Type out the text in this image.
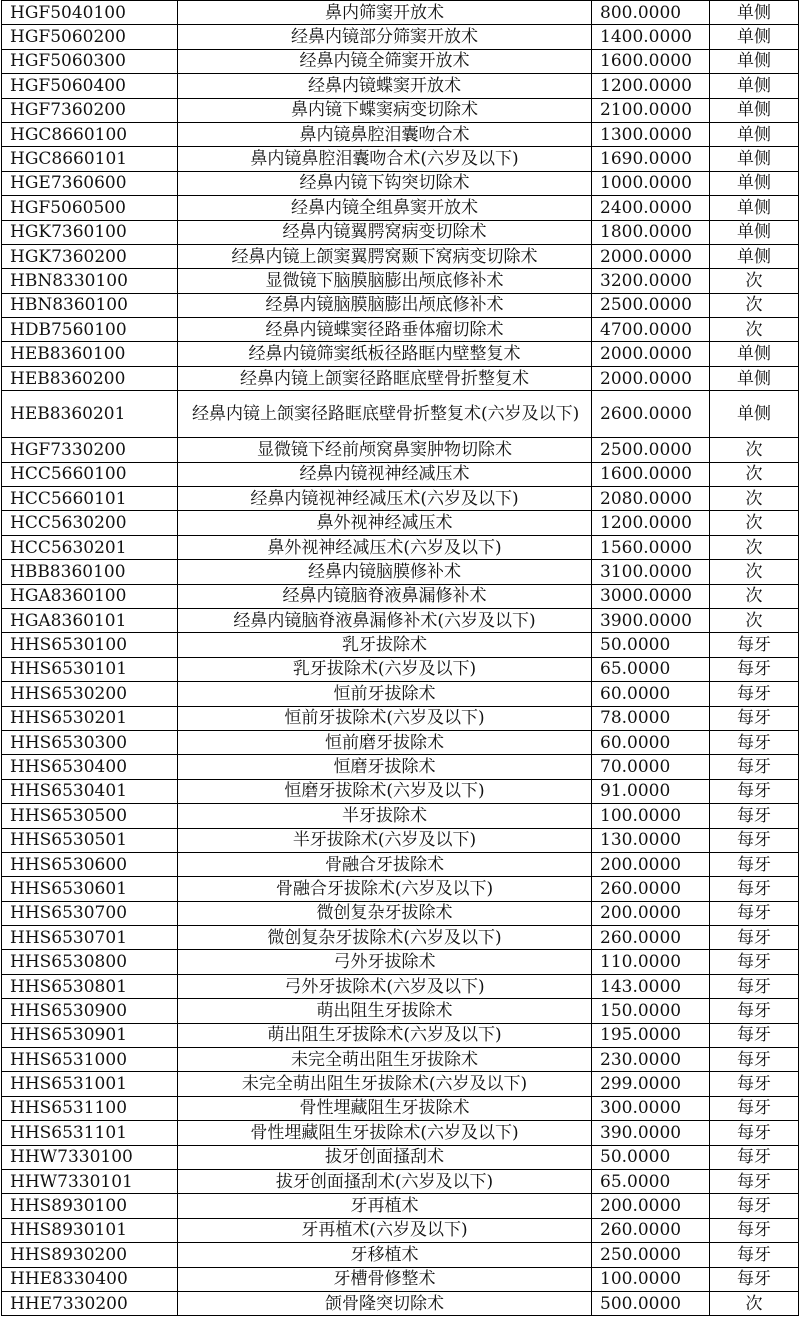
HGF5040100	鼻内筛窦开放术	800.0000	单侧
HGF5060200	经鼻内镜部分筛窦开放术	1400.0000	单侧
HGF5060300	经鼻内镜全筛窦开放术	1600.0000	单侧
HGF5060400	经鼻内镜蝶窦开放术	1200.0000	单侧
HGF7360200	鼻内镜下蝶窦病变切除术	2100.0000	单侧
HGC8660100	鼻内镜鼻腔泪囊吻合术	1300.0000	单侧
HGC8660101	鼻内镜鼻腔泪囊吻合术(六岁及以下)	1690.0000	单侧
HGE7360600	经鼻内镜下钩突切除术	1000.0000	单侧
HGF5060500	经鼻内镜全组鼻窦开放术	2400.0000	单侧
HGK7360100	经鼻内镜翼腭窝病变切除术	1800.0000	单侧
HGK7360200	经鼻内镜上颌窦翼腭窝颞下窝病变切除术	2000.0000	单侧
HBN8330100	显微镜下脑膜脑膨出颅底修补术	3200.0000	次
HBN8360100	经鼻内镜脑膜脑膨出颅底修补术	2500.0000	次
HDB7560100	经鼻内镜蝶窦径路垂体瘤切除术	4700.0000	次
HEB8360100	经鼻内镜筛窦纸板径路眶内壁整复术	2000.0000	单侧
HEB8360200	经鼻内镜上颌窦径路眶底壁骨折整复术	2000.0000	单侧
HEB8360201	经鼻内镜上颌窦径路眶底壁骨折整复术(六岁及以下)	2600.0000	单侧
HGF7330200	显微镜下经前颅窝鼻窦肿物切除术	2500.0000	次
HCC5660100	经鼻内镜视神经减压术	1600.0000	次
HCC5660101	经鼻内镜视神经减压术(六岁及以下)	2080.0000	次
HCC5630200	鼻外视神经减压术	1200.0000	次
HCC5630201	鼻外视神经减压术(六岁及以下)	1560.0000	次
HBB8360100	经鼻内镜脑膜修补术	3100.0000	次
HGA8360100	经鼻内镜脑脊液鼻漏修补术	3000.0000	次
HGA8360101	经鼻内镜脑脊液鼻漏修补术(六岁及以下)	3900.0000	次
HHS6530100	乳牙拔除术	50.0000	每牙
HHS6530101	乳牙拔除术(六岁及以下)	65.0000	每牙
HHS6530200	恒前牙拔除术	60.0000	每牙
HHS6530201	恒前牙拔除术(六岁及以下)	78.0000	每牙
HHS6530300	恒前磨牙拔除术	60.0000	每牙
HHS6530400	恒磨牙拔除术	70.0000	每牙
HHS6530401	恒磨牙拔除术(六岁及以下)	91.0000	每牙
HHS6530500	半牙拔除术	100.0000	每牙
HHS6530501	半牙拔除术(六岁及以下)	130.0000	每牙
HHS6530600	骨融合牙拔除术	200.0000	每牙
HHS6530601	骨融合牙拔除术(六岁及以下)	260.0000	每牙
HHS6530700	微创复杂牙拔除术	200.0000	每牙
HHS6530701	微创复杂牙拔除术(六岁及以下)	260.0000	每牙
HHS6530800	弓外牙拔除术	110.0000	每牙
HHS6530801	弓外牙拔除术(六岁及以下)	143.0000	每牙
HHS6530900	萌出阻生牙拔除术	150.0000	每牙
HHS6530901	萌出阻生牙拔除术(六岁及以下)	195.0000	每牙
HHS6531000	未完全萌出阻生牙拔除术	230.0000	每牙
HHS6531001	未完全萌出阻生牙拔除术(六岁及以下)	299.0000	每牙
HHS6531100	骨性埋藏阻生牙拔除术	300.0000	每牙
HHS6531101	骨性埋藏阻生牙拔除术(六岁及以下)	390.0000	每牙
HHW7330100	拔牙创面搔刮术	50.0000	每牙
HHW7330101	拔牙创面搔刮术(六岁及以下)	65.0000	每牙
HHS8930100	牙再植术	200.0000	每牙
HHS8930101	牙再植术(六岁及以下)	260.0000	每牙
HHS8930200	牙移植术	250.0000	每牙
HHE8330400	牙槽骨修整术	100.0000	每牙
HHE7330200	颌骨隆突切除术	500.0000	次
